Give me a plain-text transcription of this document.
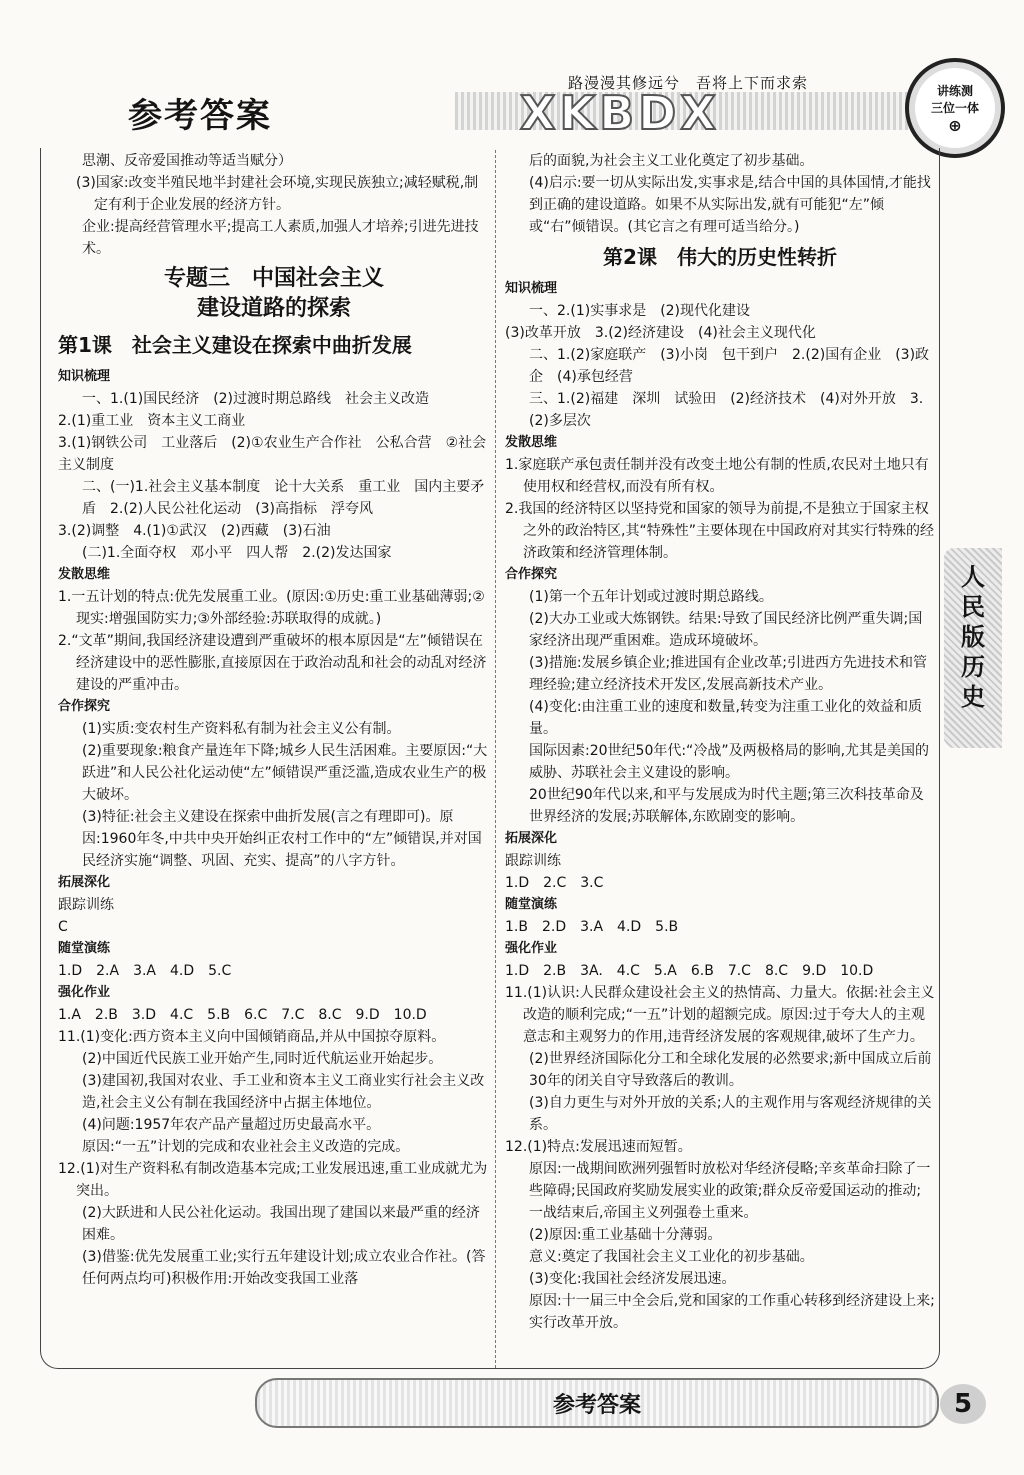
参考答案	XKBDX
路漫漫其修远兮　吾将上下而求索	讲练测
三位一体
⊕
思潮、反帝爱国推动等适当赋分）
(3)国家:改变半殖民地半封建社会环境,实现民族独立;减轻赋税,制定有利于企业发展的经济方针。
企业:提高经营管理水平;提高工人素质,加强人才培养;引进先进技术。
专题三　中国社会主义
建设道路的探索
第1课　社会主义建设在探索中曲折发展
知识梳理
一、1.(1)国民经济　(2)过渡时期总路线　社会主义改造
2.(1)重工业　资本主义工商业
3.(1)钢铁公司　工业落后　(2)①农业生产合作社　公私合营　②社会主义制度
二、(一)1.社会主义基本制度　论十大关系　重工业　国内主要矛盾　2.(2)人民公社化运动　(3)高指标　浮夸风
3.(2)调整　4.(1)①武汉　(2)西藏　(3)石油
(二)1.全面夺权　邓小平　四人帮　2.(2)发达国家
发散思维
1.一五计划的特点:优先发展重工业。(原因:①历史:重工业基础薄弱;②现实:增强国防实力;③外部经验:苏联取得的成就。)
2.“文革”期间,我国经济建设遭到严重破坏的根本原因是“左”倾错误在经济建设中的恶性膨胀,直接原因在于政治动乱和社会的动乱对经济建设的严重冲击。
合作探究
(1)实质:变农村生产资料私有制为社会主义公有制。
(2)重要现象:粮食产量连年下降;城乡人民生活困难。主要原因:“大跃进”和人民公社化运动使“左”倾错误严重泛滥,造成农业生产的极大破坏。
(3)特征:社会主义建设在探索中曲折发展(言之有理即可)。原因:1960年冬,中共中央开始纠正农村工作中的“左”倾错误,并对国民经济实施“调整、巩固、充实、提高”的八字方针。
拓展深化
跟踪训练
C
随堂演练
1.D　2.A　3.A　4.D　5.C
强化作业
1.A　2.B　3.D　4.C　5.B　6.C　7.C　8.C　9.D　10.D
11.(1)变化:西方资本主义向中国倾销商品,并从中国掠夺原料。
(2)中国近代民族工业开始产生,同时近代航运业开始起步。
(3)建国初,我国对农业、手工业和资本主义工商业实行社会主义改造,社会主义公有制在我国经济中占据主体地位。
(4)问题:1957年农产品产量超过历史最高水平。
原因:“一五”计划的完成和农业社会主义改造的完成。
12.(1)对生产资料私有制改造基本完成;工业发展迅速,重工业成就尤为突出。
(2)大跃进和人民公社化运动。我国出现了建国以来最严重的经济困难。
(3)借鉴:优先发展重工业;实行五年建设计划;成立农业合作社。(答任何两点均可)积极作用:开始改变我国工业落
后的面貌,为社会主义工业化奠定了初步基础。
(4)启示:要一切从实际出发,实事求是,结合中国的具体国情,才能找到正确的建设道路。如果不从实际出发,就有可能犯“左”倾或“右”倾错误。(其它言之有理可适当给分。)
第2课　伟大的历史性转折
知识梳理
一、2.(1)实事求是　(2)现代化建设
(3)改革开放　3.(2)经济建设　(4)社会主义现代化
二、1.(2)家庭联产　(3)小岗　包干到户　2.(2)国有企业　(3)政企　(4)承包经营
三、1.(2)福建　深圳　试验田　(2)经济技术　(4)对外开放　3.(2)多层次
发散思维
1.家庭联产承包责任制并没有改变土地公有制的性质,农民对土地只有使用权和经营权,而没有所有权。
2.我国的经济特区以坚持党和国家的领导为前提,不是独立于国家主权之外的政治特区,其“特殊性”主要体现在中国政府对其实行特殊的经济政策和经济管理体制。
合作探究
(1)第一个五年计划或过渡时期总路线。
(2)大办工业或大炼钢铁。结果:导致了国民经济比例严重失调;国家经济出现严重困难。造成环境破坏。
(3)措施:发展乡镇企业;推进国有企业改革;引进西方先进技术和管理经验;建立经济技术开发区,发展高新技术产业。
(4)变化:由注重工业的速度和数量,转变为注重工业化的效益和质量。
国际因素:20世纪50年代:“冷战”及两极格局的影响,尤其是美国的威胁、苏联社会主义建设的影响。
20世纪90年代以来,和平与发展成为时代主题;第三次科技革命及世界经济的发展;苏联解体,东欧剧变的影响。
拓展深化
跟踪训练
1.D　2.C　3.C
随堂演练
1.B　2.D　3.A　4.D　5.B
强化作业
1.D　2.B　3A.　4.C　5.A　6.B　7.C　8.C　9.D　10.D
11.(1)认识:人民群众建设社会主义的热情高、力量大。依据:社会主义改造的顺利完成;“一五”计划的超额完成。原因:过于夸大人的主观意志和主观努力的作用,违背经济发展的客观规律,破坏了生产力。
(2)世界经济国际化分工和全球化发展的必然要求;新中国成立后前30年的闭关自守导致落后的教训。
(3)自力更生与对外开放的关系;人的主观作用与客观经济规律的关系。
12.(1)特点:发展迅速而短暂。
原因:一战期间欧洲列强暂时放松对华经济侵略;辛亥革命扫除了一些障碍;民国政府奖励发展实业的政策;群众反帝爱国运动的推动;一战结束后,帝国主义列强卷土重来。
(2)原因:重工业基础十分薄弱。
意义:奠定了我国社会主义工业化的初步基础。
(3)变化:我国社会经济发展迅速。
原因:十一届三中全会后,党和国家的工作重心转移到经济建设上来;实行改革开放。
人
民
版
历
史
参考答案	5
